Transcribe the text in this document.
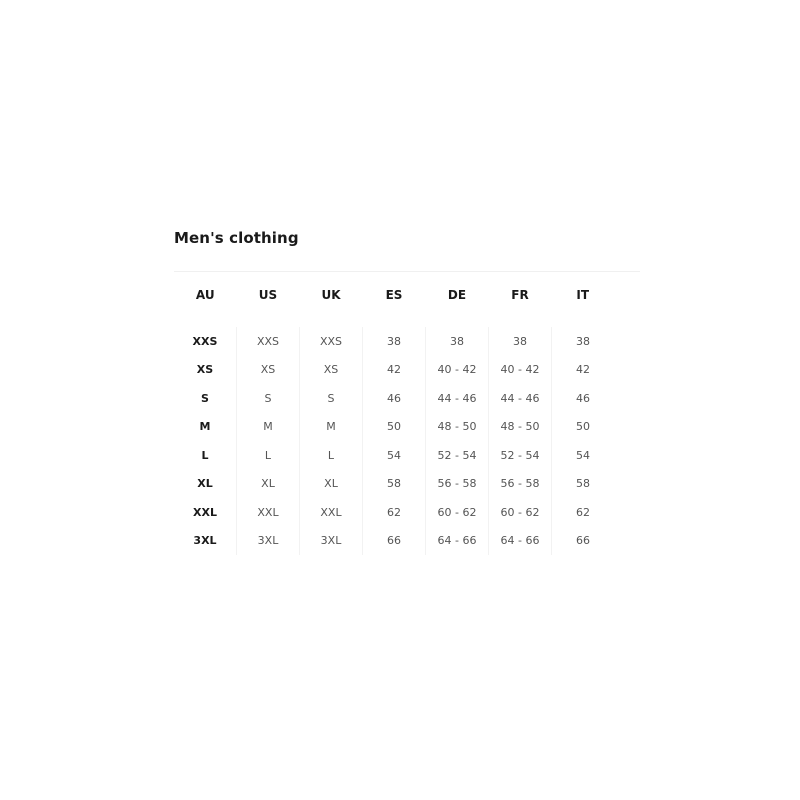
Men's clothing
AU	US	UK	ES	DE	FR	IT

XXS	XXS	XXS	38	38	38	38
XS	XS	XS	42	40 - 42	40 - 42	42
S	S	S	46	44 - 46	44 - 46	46
M	M	M	50	48 - 50	48 - 50	50
L	L	L	54	52 - 54	52 - 54	54
XL	XL	XL	58	56 - 58	56 - 58	58
XXL	XXL	XXL	62	60 - 62	60 - 62	62
3XL	3XL	3XL	66	64 - 66	64 - 66	66
